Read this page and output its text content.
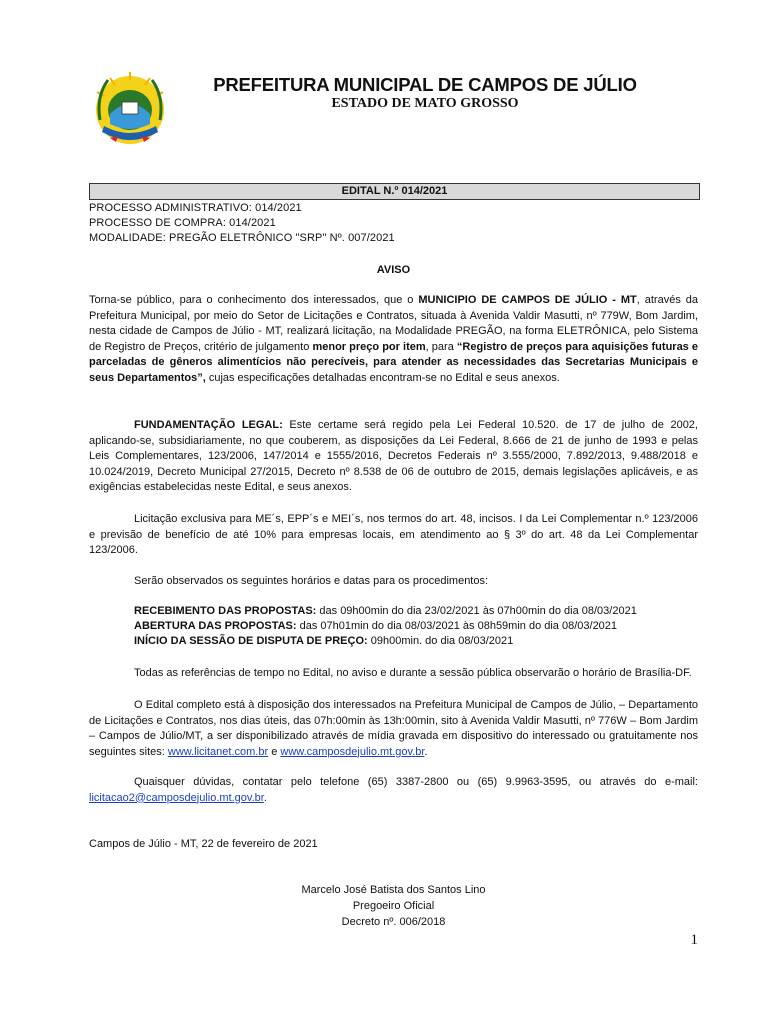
PREFEITURA MUNICIPAL DE CAMPOS DE JÚLIO
ESTADO DE MATO GROSSO
EDITAL N.º 014/2021
PROCESSO ADMINISTRATIVO: 014/2021
PROCESSO DE COMPRA: 014/2021
MODALIDADE: PREGÃO ELETRÔNICO "SRP" Nº. 007/2021
AVISO
Torna-se público, para o conhecimento dos interessados, que o MUNICIPIO DE CAMPOS DE JÚLIO - MT, através da Prefeitura Municipal, por meio do Setor de Licitações e Contratos, situada à Avenida Valdir Masutti, nº 779W, Bom Jardim, nesta cidade de Campos de Júlio - MT, realizará licitação, na Modalidade PREGÃO, na forma ELETRÔNICA, pelo Sistema de Registro de Preços, critério de julgamento menor preço por item, para “Registro de preços para aquisições futuras e parceladas de gêneros alimentícios não perecíveis, para atender as necessidades das Secretarias Municipais e seus Departamentos”, cujas especificações detalhadas encontram-se no Edital e seus anexos.
FUNDAMENTAÇÃO LEGAL: Este certame será regido pela Lei Federal 10.520. de 17 de julho de 2002, aplicando-se, subsidiariamente, no que couberem, as disposições da Lei Federal, 8.666 de 21 de junho de 1993 e pelas Leis Complementares, 123/2006, 147/2014 e 1555/2016, Decretos Federais nº 3.555/2000, 7.892/2013, 9.488/2018 e 10.024/2019, Decreto Municipal 27/2015, Decreto nº 8.538 de 06 de outubro de 2015, demais legislações aplicáveis, e as exigências estabelecidas neste Edital, e seus anexos.
Licitação exclusiva para ME´s, EPP´s e MEI´s, nos termos do art. 48, incisos. I da Lei Complementar n.º 123/2006 e previsão de benefício de até 10% para empresas locais, em atendimento ao § 3º do art. 48 da Lei Complementar 123/2006.
Serão observados os seguintes horários e datas para os procedimentos:
RECEBIMENTO DAS PROPOSTAS: das 09h00min do dia 23/02/2021 às 07h00min do dia 08/03/2021
ABERTURA DAS PROPOSTAS: das 07h01min do dia 08/03/2021 às 08h59min do dia 08/03/2021
INÍCIO DA SESSÃO DE DISPUTA DE PREÇO: 09h00min. do dia 08/03/2021
Todas as referências de tempo no Edital, no aviso e durante a sessão pública observarão o horário de Brasília-DF.
O Edital completo está à disposição dos interessados na Prefeitura Municipal de Campos de Júlio, – Departamento de Licitações e Contratos, nos dias úteis, das 07h:00min às 13h:00min, sito à Avenida Valdir Masutti, nº 776W – Bom Jardim – Campos de Júlio/MT, a ser disponibilizado através de mídia gravada em dispositivo do interessado ou gratuitamente nos seguintes sites: www.licitanet.com.br e www.camposdejulio.mt.gov.br.
Quaisquer dúvidas, contatar pelo telefone (65) 3387-2800 ou (65) 9.9963-3595, ou através do e-mail: licitacao2@camposdejulio.mt.gov.br.
Campos de Júlio - MT, 22 de fevereiro de 2021
Marcelo José Batista dos Santos Lino
Pregoeiro Oficial
Decreto nº. 006/2018
1
